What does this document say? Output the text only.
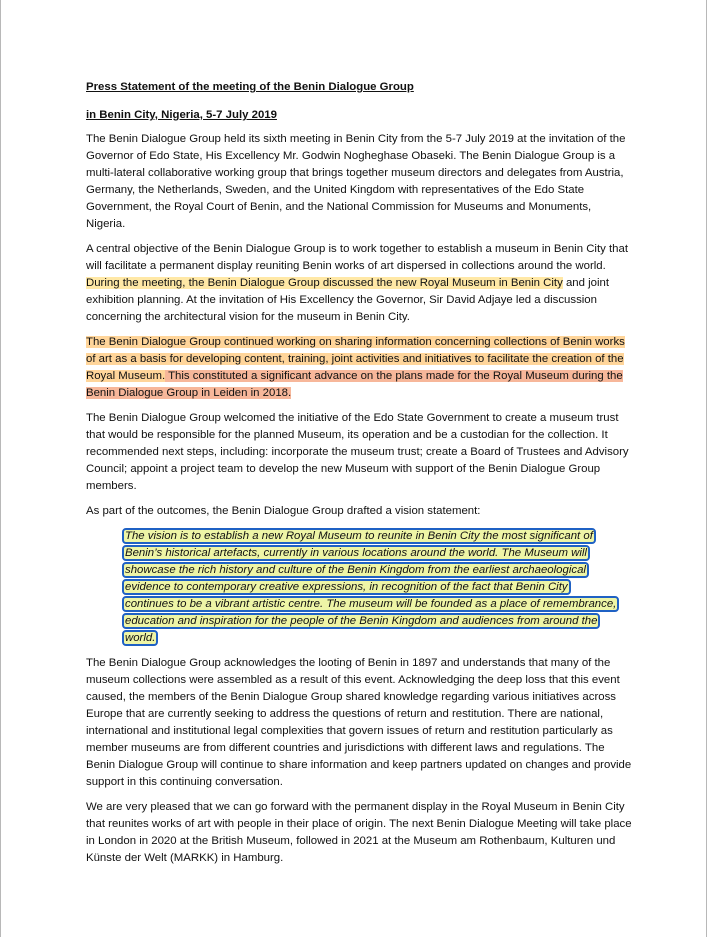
Press Statement of the meeting of the Benin Dialogue Group
in Benin City, Nigeria, 5-7 July 2019

The Benin Dialogue Group held its sixth meeting in Benin City from the 5-7 July 2019 at the invitation of the Governor of Edo State, His Excellency Mr. Godwin Nogheghase Obaseki. The Benin Dialogue Group is a multi-lateral collaborative working group that brings together museum directors and delegates from Austria, Germany, the Netherlands, Sweden, and the United Kingdom with representatives of the Edo State Government, the Royal Court of Benin, and the National Commission for Museums and Monuments, Nigeria.

A central objective of the Benin Dialogue Group is to work together to establish a museum in Benin City that will facilitate a permanent display reuniting Benin works of art dispersed in collections around the world. During the meeting, the Benin Dialogue Group discussed the new Royal Museum in Benin City and joint exhibition planning. At the invitation of His Excellency the Governor, Sir David Adjaye led a discussion concerning the architectural vision for the museum in Benin City.

The Benin Dialogue Group continued working on sharing information concerning collections of Benin works of art as a basis for developing content, training, joint activities and initiatives to facilitate the creation of the Royal Museum. This constituted a significant advance on the plans made for the Royal Museum during the Benin Dialogue Group in Leiden in 2018.

The Benin Dialogue Group welcomed the initiative of the Edo State Government to create a museum trust that would be responsible for the planned Museum, its operation and be a custodian for the collection. It recommended next steps, including: incorporate the museum trust; create a Board of Trustees and Advisory Council; appoint a project team to develop the new Museum with support of the Benin Dialogue Group members.

As part of the outcomes, the Benin Dialogue Group drafted a vision statement:

The vision is to establish a new Royal Museum to reunite in Benin City the most significant of Benin’s historical artefacts, currently in various locations around the world. The Museum will showcase the rich history and culture of the Benin Kingdom from the earliest archaeological evidence to contemporary creative expressions, in recognition of the fact that Benin City continues to be a vibrant artistic centre. The museum will be founded as a place of remembrance, education and inspiration for the people of the Benin Kingdom and audiences from around the world.

The Benin Dialogue Group acknowledges the looting of Benin in 1897 and understands that many of the museum collections were assembled as a result of this event. Acknowledging the deep loss that this event caused, the members of the Benin Dialogue Group shared knowledge regarding various initiatives across Europe that are currently seeking to address the questions of return and restitution. There are national, international and institutional legal complexities that govern issues of return and restitution particularly as member museums are from different countries and jurisdictions with different laws and regulations. The Benin Dialogue Group will continue to share information and keep partners updated on changes and provide support in this continuing conversation.

We are very pleased that we can go forward with the permanent display in the Royal Museum in Benin City that reunites works of art with people in their place of origin. The next Benin Dialogue Meeting will take place in London in 2020 at the British Museum, followed in 2021 at the Museum am Rothenbaum, Kulturen und Künste der Welt (MARKK) in Hamburg.
